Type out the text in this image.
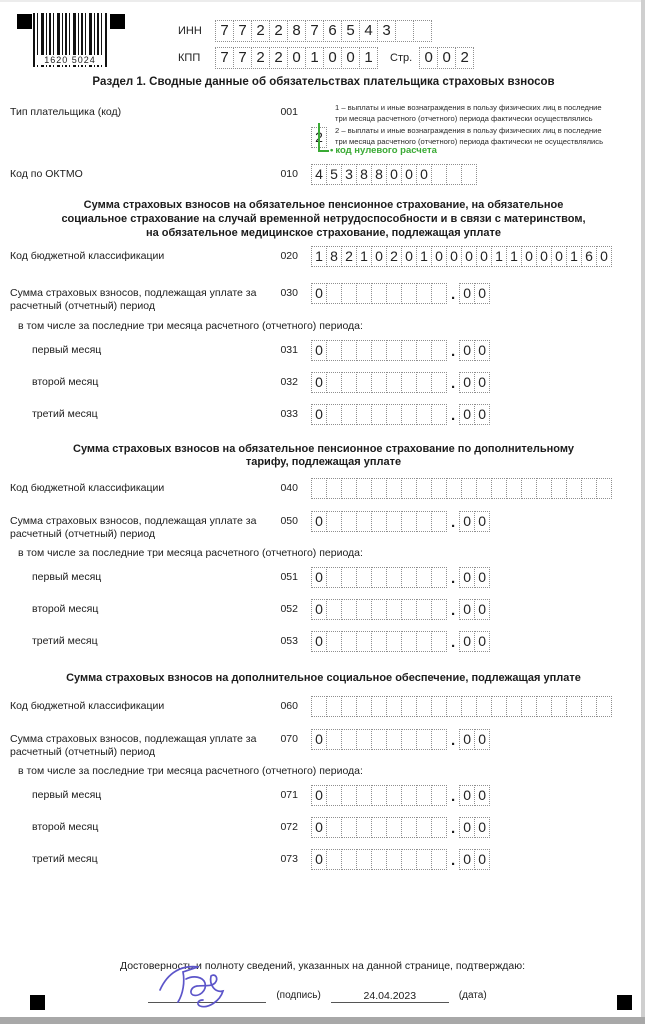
1620 5024
ИНН	7 7 2 2 8 7 6 5 4 3
КПП	7 7 2 2 0 1 0 0 1	Стр. 0 0 2
Раздел 1. Сводные данные об обязательствах плательщика страховых взносов
Тип плательщика (код)	001
2
• код нулевого расчета
1 – выплаты и иные вознаграждения в пользу физических лиц в последние
три месяца расчетного (отчетного) периода фактически осуществлялись
2 – выплаты и иные вознаграждения в пользу физических лиц в последние
три месяца расчетного (отчетного) периода фактически не осуществлялись
Код по ОКТМО	010 4 5 3 8 8 0 0 0
Сумма страховых взносов на обязательное пенсионное страхование, на обязательное социальное страхование на случай временной нетрудоспособности и в связи с материнством, на обязательное медицинское страхование, подлежащая уплате
Код бюджетной классификации	020 1 8 2 1 0 2 0 1 0 0 0 0 1 1 0 0 0 1 6 0
Сумма страховых взносов, подлежащая уплате за расчетный (отчетный) период
030 0	. 0 0
в том числе за последние три месяца расчетного (отчетного) периода:
первый месяц	031 0	. 0 0
второй месяц	032 0	. 0 0
третий месяц	033 0	. 0 0
Сумма страховых взносов на обязательное пенсионное страхование по дополнительному тарифу, подлежащая уплате
Код бюджетной классификации	040
Сумма страховых взносов, подлежащая уплате за расчетный (отчетный) период
050 0	. 0 0
в том числе за последние три месяца расчетного (отчетного) периода:
первый месяц	051 0	. 0 0
второй месяц	052 0	. 0 0
третий месяц	053 0	. 0 0
Сумма страховых взносов на дополнительное социальное обеспечение, подлежащая уплате
Код бюджетной классификации	060
Сумма страховых взносов, подлежащая уплате за расчетный (отчетный) период
070 0	. 0 0
в том числе за последние три месяца расчетного (отчетного) периода:
первый месяц	071 0	. 0 0
второй месяц	072 0	. 0 0
третий месяц	073 0	. 0 0
Достоверность и полноту сведений, указанных на данной странице, подтверждаю:
(подпись)	24.04.2023	(дата)
